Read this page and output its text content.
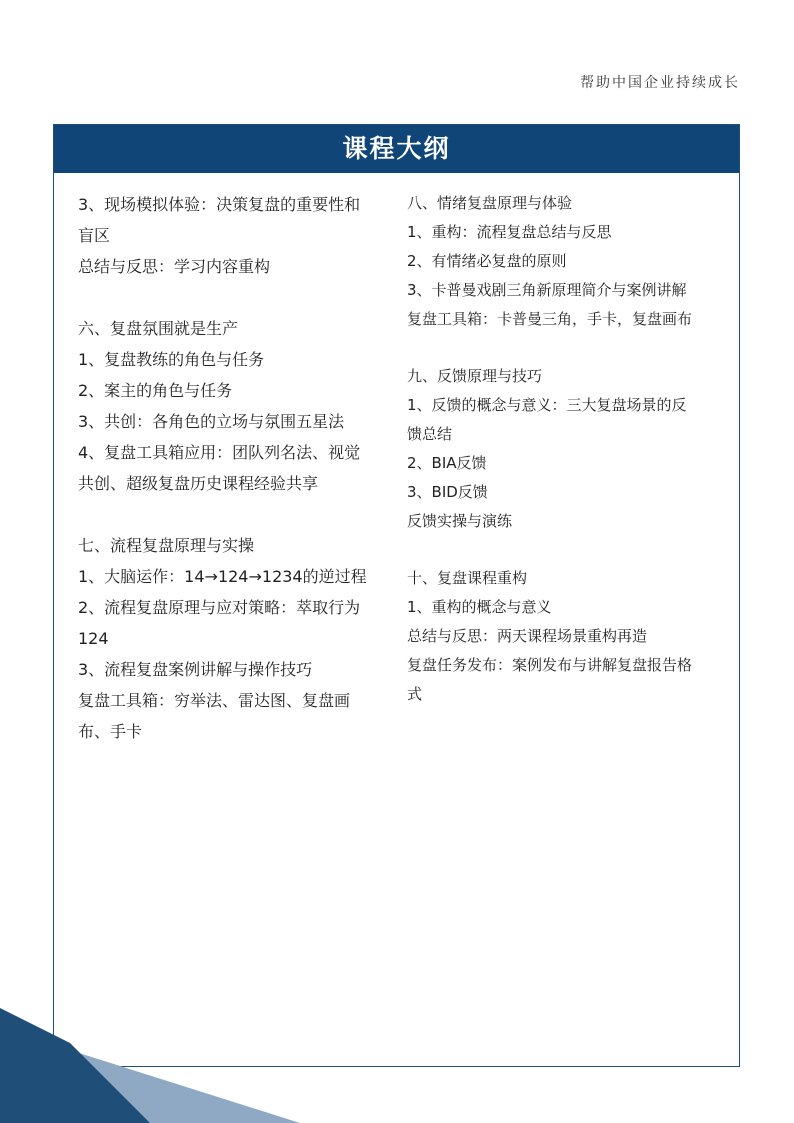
帮助中国企业持续成长
课程大纲
3、现场模拟体验：决策复盘的重要性和
盲区
总结与反思：学习内容重构
六、复盘氛围就是生产
1、复盘教练的角色与任务
2、案主的角色与任务
3、共创：各角色的立场与氛围五星法
4、复盘工具箱应用：团队列名法、视觉
共创、超级复盘历史课程经验共享
七、流程复盘原理与实操
1、大脑运作：14→124→1234的逆过程
2、流程复盘原理与应对策略：萃取行为
124
3、流程复盘案例讲解与操作技巧
复盘工具箱：穷举法、雷达图、复盘画
布、手卡
八、情绪复盘原理与体验
1、重构：流程复盘总结与反思
2、有情绪必复盘的原则
3、卡普曼戏剧三角新原理简介与案例讲解
复盘工具箱：卡普曼三角，手卡，复盘画布
九、反馈原理与技巧
1、反馈的概念与意义：三大复盘场景的反
馈总结
2、BIA反馈
3、BID反馈
反馈实操与演练
十、复盘课程重构
1、重构的概念与意义
总结与反思：两天课程场景重构再造
复盘任务发布：案例发布与讲解复盘报告格
式
